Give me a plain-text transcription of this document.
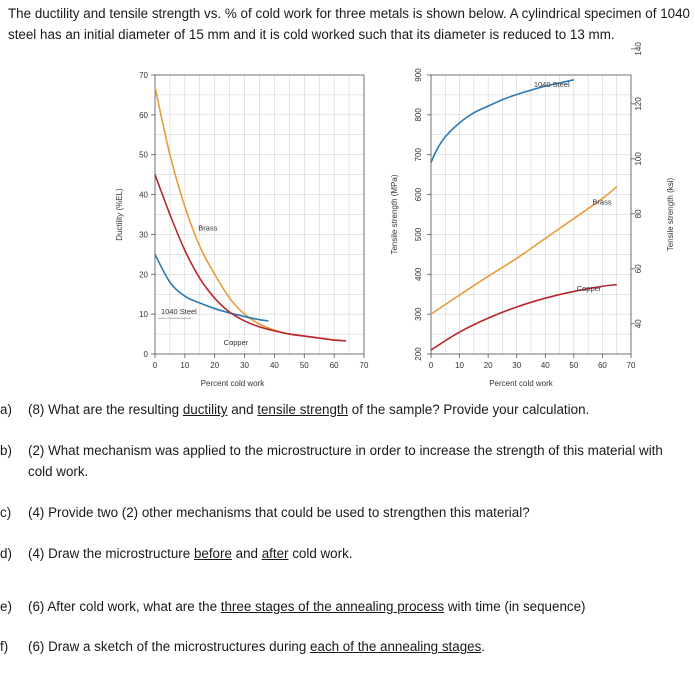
The ductility and tensile strength vs. % of cold work for three metals is shown below. A cylindrical specimen of 1040 steel has an initial diameter of 15 mm and it is cold worked such that its diameter is reduced to 13 mm.

0	10	20	30	40	50	60	70
0
10
20
30
40
50
60
70
Percent cold work
Ductility (%EL)	Brass
1040 Steel
Copper
0	10 20 30 40 50 60 70
200
300
400
500
600
700
800
900
40
60
80
100
120
140
Tensile strength (ksi)
Percent cold work
Tensile strength (MPa)
1040 Steel
Brass
Copper
a) (8) What are the resulting ductility and tensile strength of the sample? Provide your calculation.
b) (2) What mechanism was applied to the microstructure in order to increase the strength of this material with cold work.
c) (4) Provide two (2) other mechanisms that could be used to strengthen this material?
d) (4) Draw the microstructure before and after cold work.
e) (6) After cold work, what are the three stages of the annealing process with time (in sequence)
f) (6) Draw a sketch of the microstructures during each of the annealing stages.
